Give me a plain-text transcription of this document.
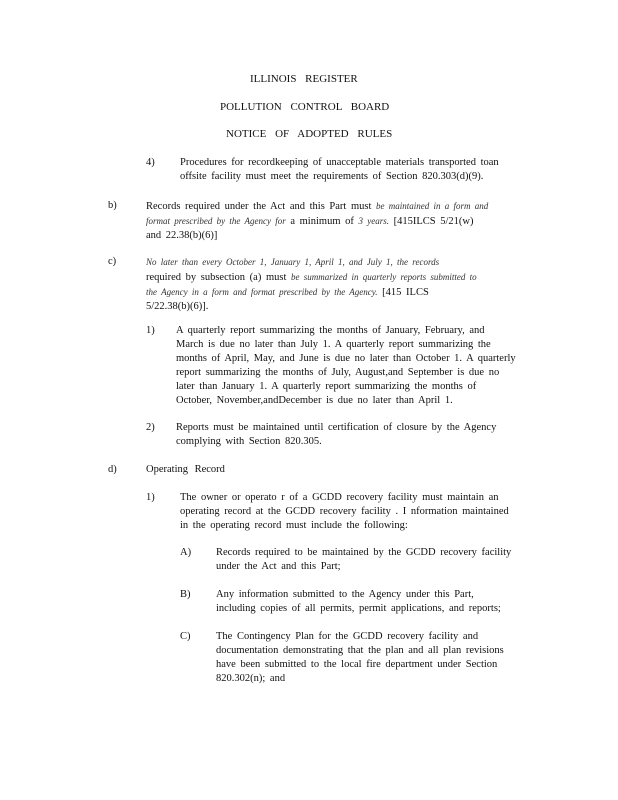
ILLINOIS REGISTER
POLLUTION CONTROL BOARD
NOTICE OF ADOPTED RULES
4) Procedures for recordkeeping of unacceptable materials transported toan
offsite facility must meet the requirements of Section 820.303(d)(9).
b)	Records required under the Act and this Part must be maintained in a form and
format prescribed by the Agency for a minimum of 3 years. [415ILCS 5/21(w)
and 22.38(b)(6)]
c)	No later than every October 1, January 1, April 1, and July 1, the records
required by subsection (a) must be summarized in quarterly reports submitted to
the Agency in a form and format prescribed by the Agency. [415 ILCS
5/22.38(b)(6)].
1) A quarterly report summarizing the months of January, February, and
March is due no later than July 1. A quarterly report summarizing the
months of April, May, and June is due no later than October 1. A quarterly
report summarizing the months of July, August,and September is due no
later than January 1. A quarterly report summarizing the months of
October, November,andDecember is due no later than April 1.
2) Reports must be maintained until certification of closure by the Agency
complying with Section 820.305.
d)	Operating Record
1) The owner or operato r of a GCDD recovery facility must maintain an
operating record at the GCDD recovery facility . I nformation maintained
in the operating record must include the following:
A) Records required to be maintained by the GCDD recovery facility
under the Act and this Part;
B) Any information submitted to the Agency under this Part,
including copies of all permits, permit applications, and reports;
C) The Contingency Plan for the GCDD recovery facility and
documentation demonstrating that the plan and all plan revisions
have been submitted to the local fire department under Section
820.302(n); and
